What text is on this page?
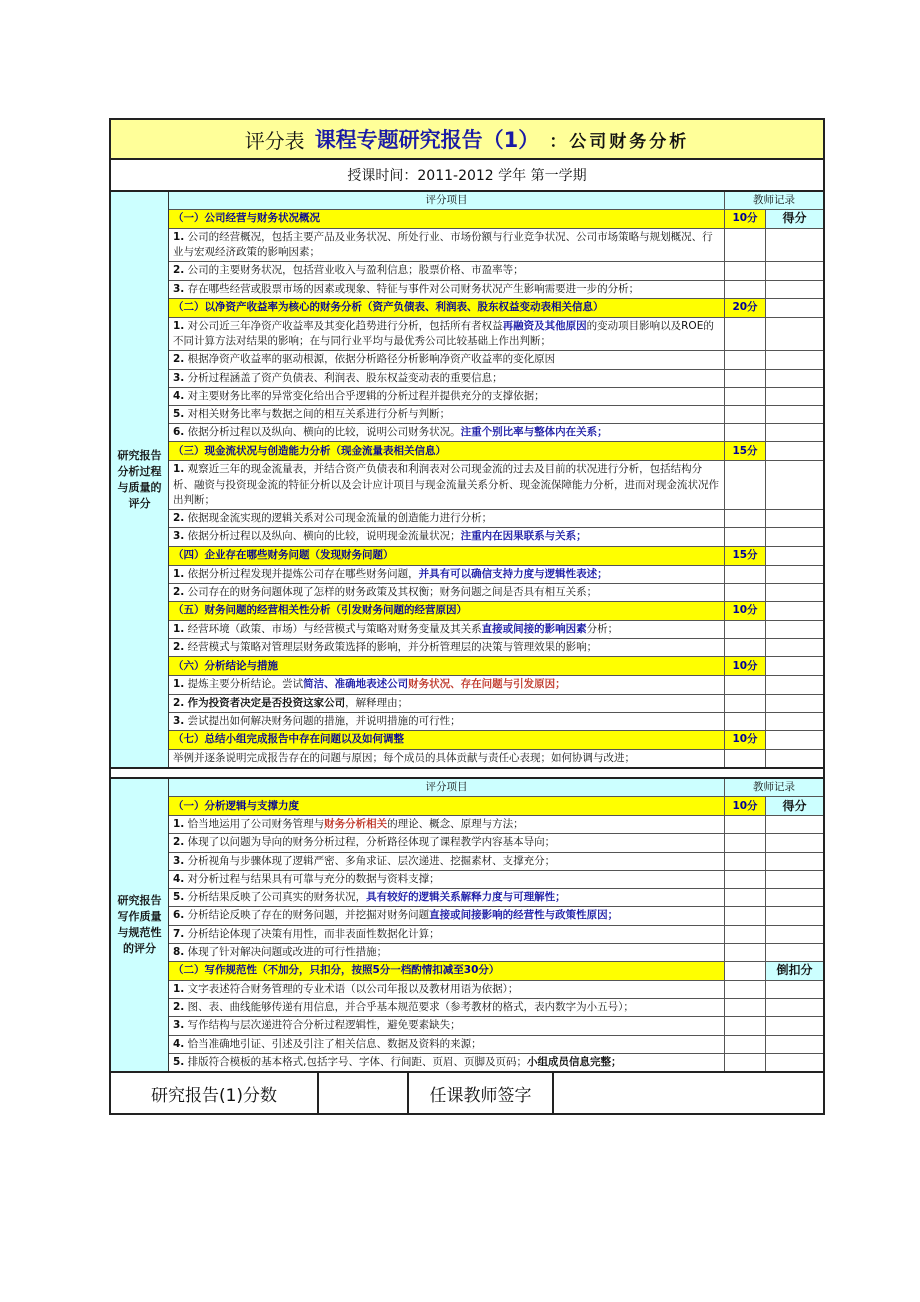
评分表 课程专题研究报告（1） ：公司财务分析
授课时间：2011-2012 学年 第一学期
研究报告分析过程与质量的评分
评分项目	教师记录
（一）公司经营与财务状况概况	10分	得分
1. 公司的经营概况，包括主要产品及业务状况、所处行业、市场份额与行业竞争状况、公司市场策略与规划概况、行业与宏观经济政策的影响因素；
2. 公司的主要财务状况，包括营业收入与盈利信息；股票价格、市盈率等；
3. 存在哪些经营或股票市场的因素或现象、特征与事件对公司财务状况产生影响需要进一步的分析；
（二）以净资产收益率为核心的财务分析（资产负债表、利润表、股东权益变动表相关信息）	20分
1. 对公司近三年净资产收益率及其变化趋势进行分析，包括所有者权益再融资及其他原因的变动项目影响以及ROE的不同计算方法对结果的影响；在与同行业平均与最优秀公司比较基础上作出判断；
2. 根据净资产收益率的驱动根源，依据分析路径分析影响净资产收益率的变化原因
3. 分析过程涵盖了资产负债表、利润表、股东权益变动表的重要信息；
4. 对主要财务比率的异常变化给出合乎逻辑的分析过程并提供充分的支撑依据；
5. 对相关财务比率与数据之间的相互关系进行分析与判断；
6. 依据分析过程以及纵向、横向的比较，说明公司财务状况。注重个别比率与整体内在关系；
（三）现金流状况与创造能力分析（现金流量表相关信息）	15分
1. 观察近三年的现金流量表，并结合资产负债表和利润表对公司现金流的过去及目前的状况进行分析，包括结构分析、融资与投资现金流的特征分析以及会计应计项目与现金流量关系分析、现金流保障能力分析，进而对现金流状况作出判断；
2. 依据现金流实现的逻辑关系对公司现金流量的创造能力进行分析；
3. 依据分析过程以及纵向、横向的比较，说明现金流量状况；注重内在因果联系与关系；
（四）企业存在哪些财务问题（发现财务问题）	15分
1. 依据分析过程发现并提炼公司存在哪些财务问题，并具有可以确信支持力度与逻辑性表述；
2. 公司存在的财务问题体现了怎样的财务政策及其权衡；财务问题之间是否具有相互关系；
（五）财务问题的经营相关性分析（引发财务问题的经营原因）	10分
1. 经营环境（政策、市场）与经营模式与策略对财务变量及其关系直接或间接的影响因素分析；
2. 经营模式与策略对管理层财务政策选择的影响，并分析管理层的决策与管理效果的影响；
（六）分析结论与措施	10分
1. 提炼主要分析结论。尝试简洁、准确地表述公司财务状况、存在问题与引发原因；
2. 作为投资者决定是否投资这家公司，解释理由；
3. 尝试提出如何解决财务问题的措施，并说明措施的可行性；
（七）总结小组完成报告中存在问题以及如何调整	10分
举例并逐条说明完成报告存在的问题与原因；每个成员的具体贡献与责任心表现；如何协调与改进；
研究报告写作质量与规范性的评分
评分项目	教师记录
（一）分析逻辑与支撑力度	10分	得分
1. 恰当地运用了公司财务管理与财务分析相关的理论、概念、原理与方法；
2. 体现了以问题为导向的财务分析过程，分析路径体现了课程教学内容基本导向；
3. 分析视角与步骤体现了逻辑严密、多角求证、层次递进、挖掘素材、支撑充分；
4. 对分析过程与结果具有可靠与充分的数据与资料支撑；
5. 分析结果反映了公司真实的财务状况，具有较好的逻辑关系解释力度与可理解性；
6. 分析结论反映了存在的财务问题，并挖掘对财务问题直接或间接影响的经营性与政策性原因；
7. 分析结论体现了决策有用性，而非表面性数据化计算；
8. 体现了针对解决问题或改进的可行性措施；
（二）写作规范性（不加分，只扣分，按照5分一档酌情扣减至30分）	倒扣分
1. 文字表述符合财务管理的专业术语（以公司年报以及教材用语为依据）；
2. 图、表、曲线能够传递有用信息，并合乎基本规范要求（参考教材的格式，表内数字为小五号）；
3. 写作结构与层次递进符合分析过程逻辑性，避免要素缺失；
4. 恰当准确地引证、引述及引注了相关信息、数据及资料的来源；
5. 排版符合模板的基本格式,包括字号、字体、行间距、页眉、页脚及页码；小组成员信息完整；
研究报告(1)分数	任课教师签字
